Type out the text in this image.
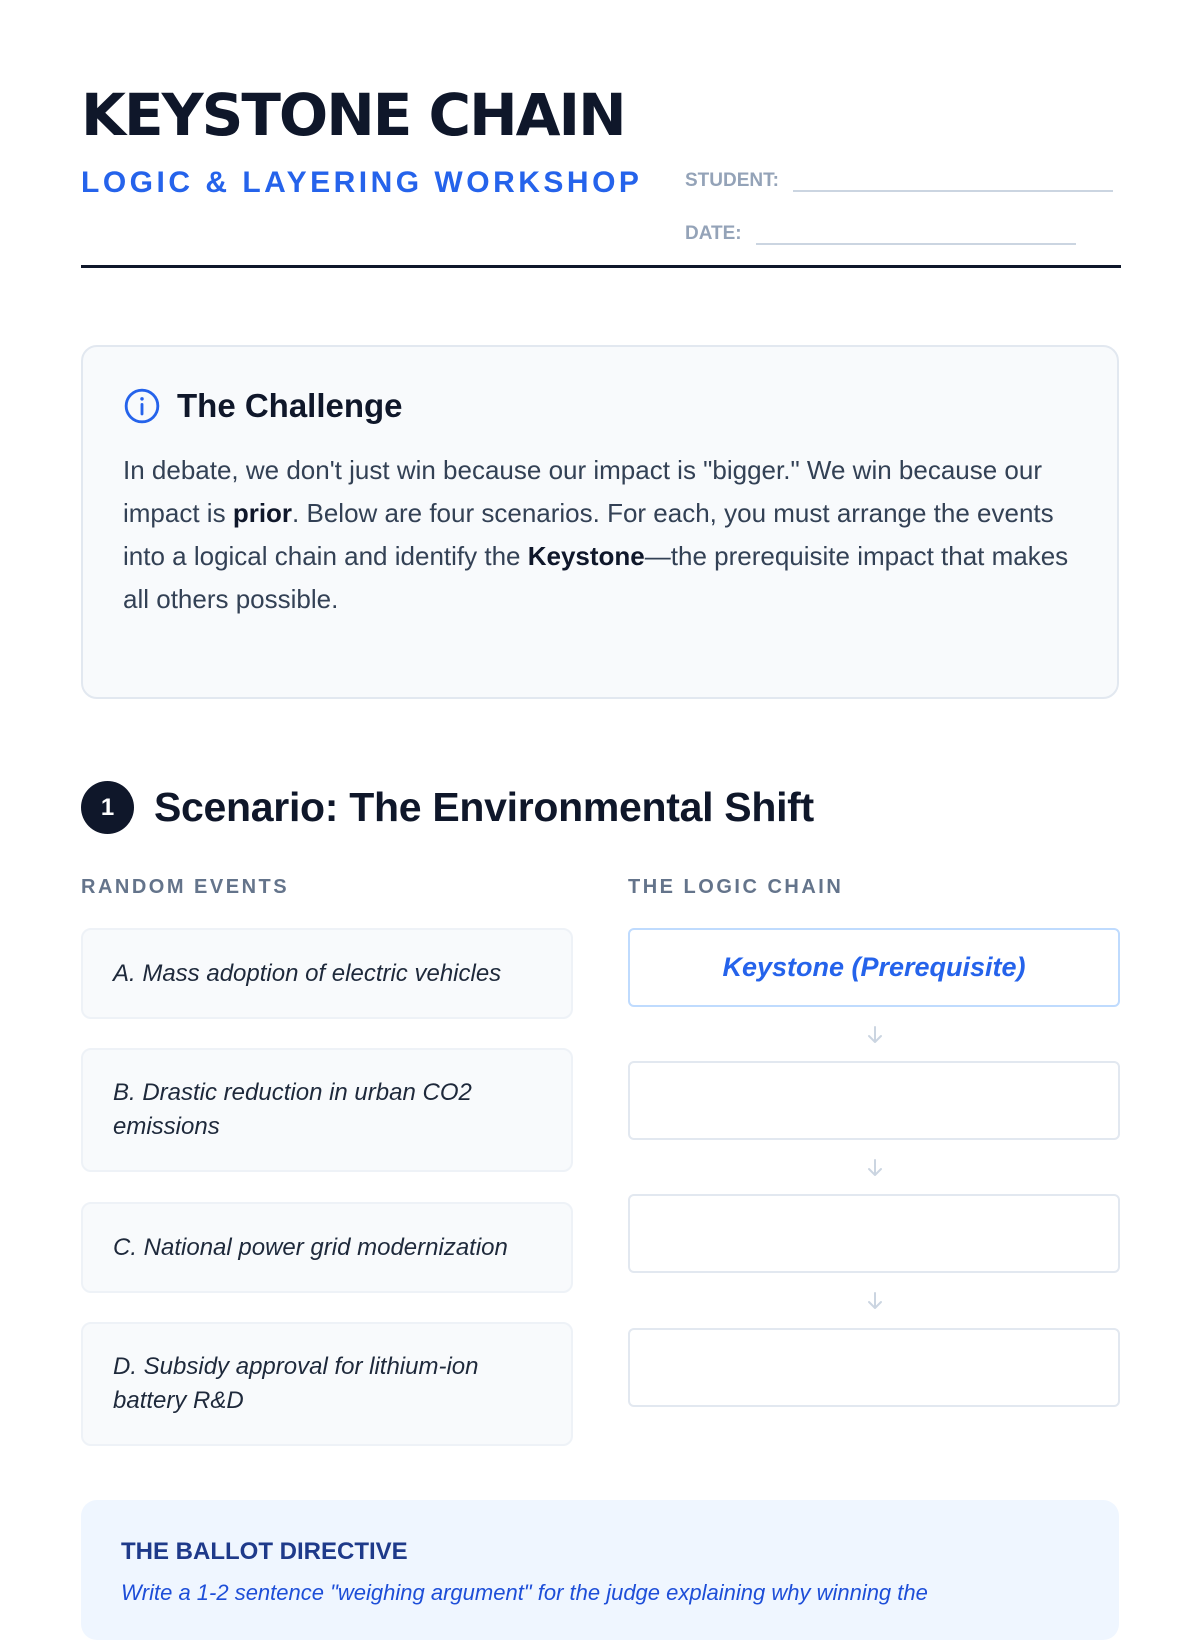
KEYSTONE CHAIN
LOGIC & LAYERING WORKSHOP STUDENT:
DATE:
The Challenge

In debate, we don't just win because our impact is "bigger." We win because our impact is prior. Below are four scenarios. For each, you must arrange the events into a logical chain and identify the Keystone—the prerequisite impact that makes all others possible.

1 Scenario: The Environmental Shift
RANDOM EVENTS	THE LOGIC CHAIN
A. Mass adoption of electric vehicles
B. Drastic reduction in urban CO2 emissions
C. National power grid modernization
D. Subsidy approval for lithium-ion battery R&D
Keystone (Prerequisite)
THE BALLOT DIRECTIVE
Write a 1-2 sentence "weighing argument" for the judge explaining why winning the
